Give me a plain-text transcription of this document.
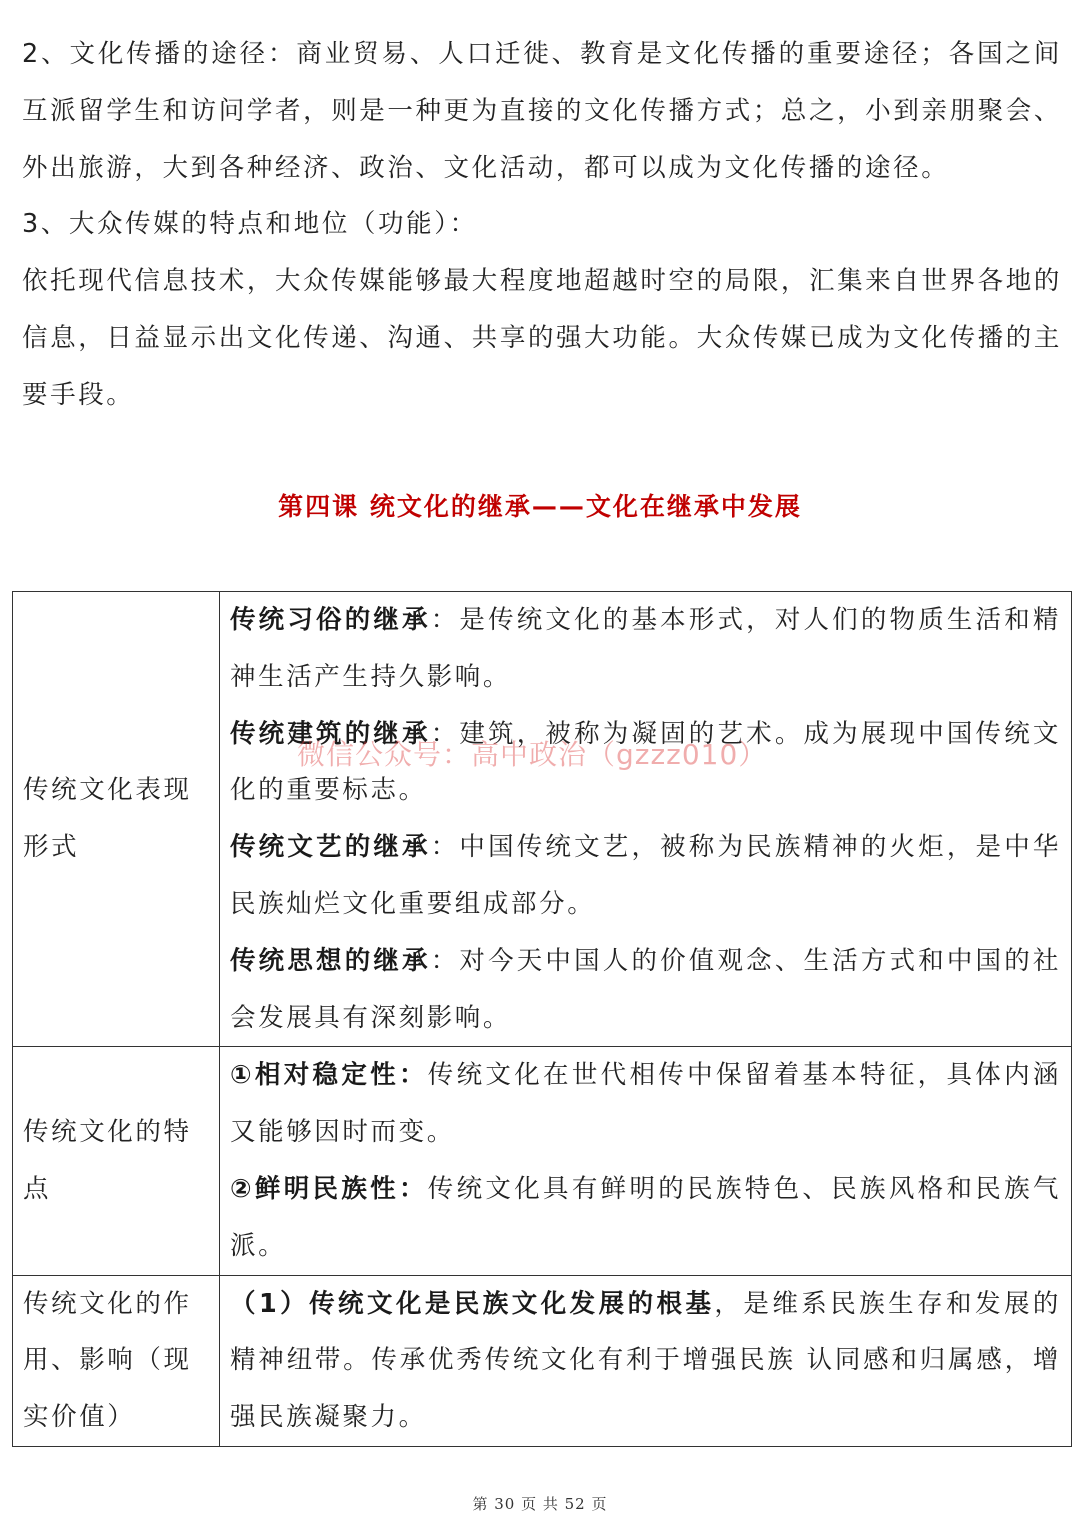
2、文化传播的途径：商业贸易、人口迁徙、教育是文化传播的重要途径；各国之间互派留学生和访问学者，则是一种更为直接的文化传播方式；总之，小到亲朋聚会、外出旅游，大到各种经济、政治、文化活动，都可以成为文化传播的途径。

3、大众传媒的特点和地位（功能）：

依托现代信息技术，大众传媒能够最大程度地超越时空的局限，汇集来自世界各地的信息，日益显示出文化传递、沟通、共享的强大功能。大众传媒已成为文化传播的主要手段。

第四课 统文化的继承——文化在继承中发展
传统文化表现形式	传统习俗的继承：是传统文化的基本形式，对人们的物质生活和精神生活产生持久影响。
传统建筑的继承：建筑，被称为凝固的艺术。成为展现中国传统文化的重要标志。
传统文艺的继承：中国传统文艺，被称为民族精神的火炬，是中华民族灿烂文化重要组成部分。
传统思想的继承：对今天中国人的价值观念、生活方式和中国的社会发展具有深刻影响。

传统文化的特点	①相对稳定性：传统文化在世代相传中保留着基本特征，具体内涵又能够因时而变。
②鲜明民族性：传统文化具有鲜明的民族特色、民族风格和民族气派。

传统文化的作用、影响（现实价值）	（1）传统文化是民族文化发展的根基，是维系民族生存和发展的精神纽带。传承优秀传统文化有利于增强民族 认同感和归属感，增强民族凝聚力。
微信公众号：高中政治（gzzz010）
第 30 页 共 52 页
